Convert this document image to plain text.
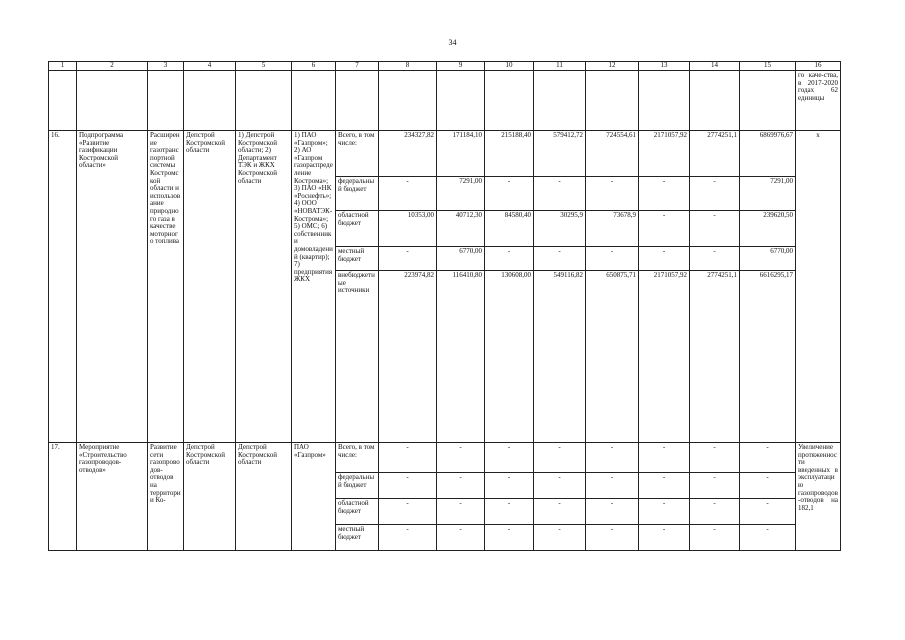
34
1	2	3	4	5	6	7	8	9	10	11	12	13	14	15	16
															го каче-ства, в 2017-2020 годах 62 единицы
16.	Подпрограмма «Развитие газификации Костромской области»	Расширение газотранспортной системы Костромской области и использование природного газа в качестве моторного топлива	Депстрой Костромской области	1) Депстрой Костромской области; 2) Департамент ТЭК и ЖКХ Костромской области	1) ПАО «Газпром»; 2) АО «Газпром газораспределение Кострома»; 3) ПАО «НК «Роснефть»; 4) ООО «НОВАТЭК-Кострома»; 5) ОМС; 6) собственники домовладений (квартир); 7) предприятия ЖКХ	Всего, в том числе:	234327,82	171184,10	215188,40	579412,72	724554,61	2171057,92	2774251,1	6869976,67	x
						федеральный бюджет	-	7291,00	-	-	-	-	-	7291,00	
						областной бюджет	10353,00	40712,30	84580,40	30295,9	73678,9	-	-	239620,50	
						местный бюджет	-	6770,00	-	-	-	-	-	6770,00	
						внебюджетные источники	223974,82	116410,80	130608,00	549116,82	650875,71	2171057,92	2774251,1	6616295,17	
17.	Мероприятие «Строительство газопроводов-отводов»	Развитие сети газопроводов-отводов на территории Ко-	Депстрой Костромской области	Депстрой Костромской области	ПАО «Газпром»	Всего, в том числе:	-	-	-	-	-	-	-	-	Увеличение протяженности введенных в эксплуатацию газопроводов-отводов на 182,1
						федеральный бюджет	-	-	-	-	-	-	-	-	
						областной бюджет	-	-	-	-	-	-	-	-	
						местный бюджет	-	-	-	-	-	-	-	-	
